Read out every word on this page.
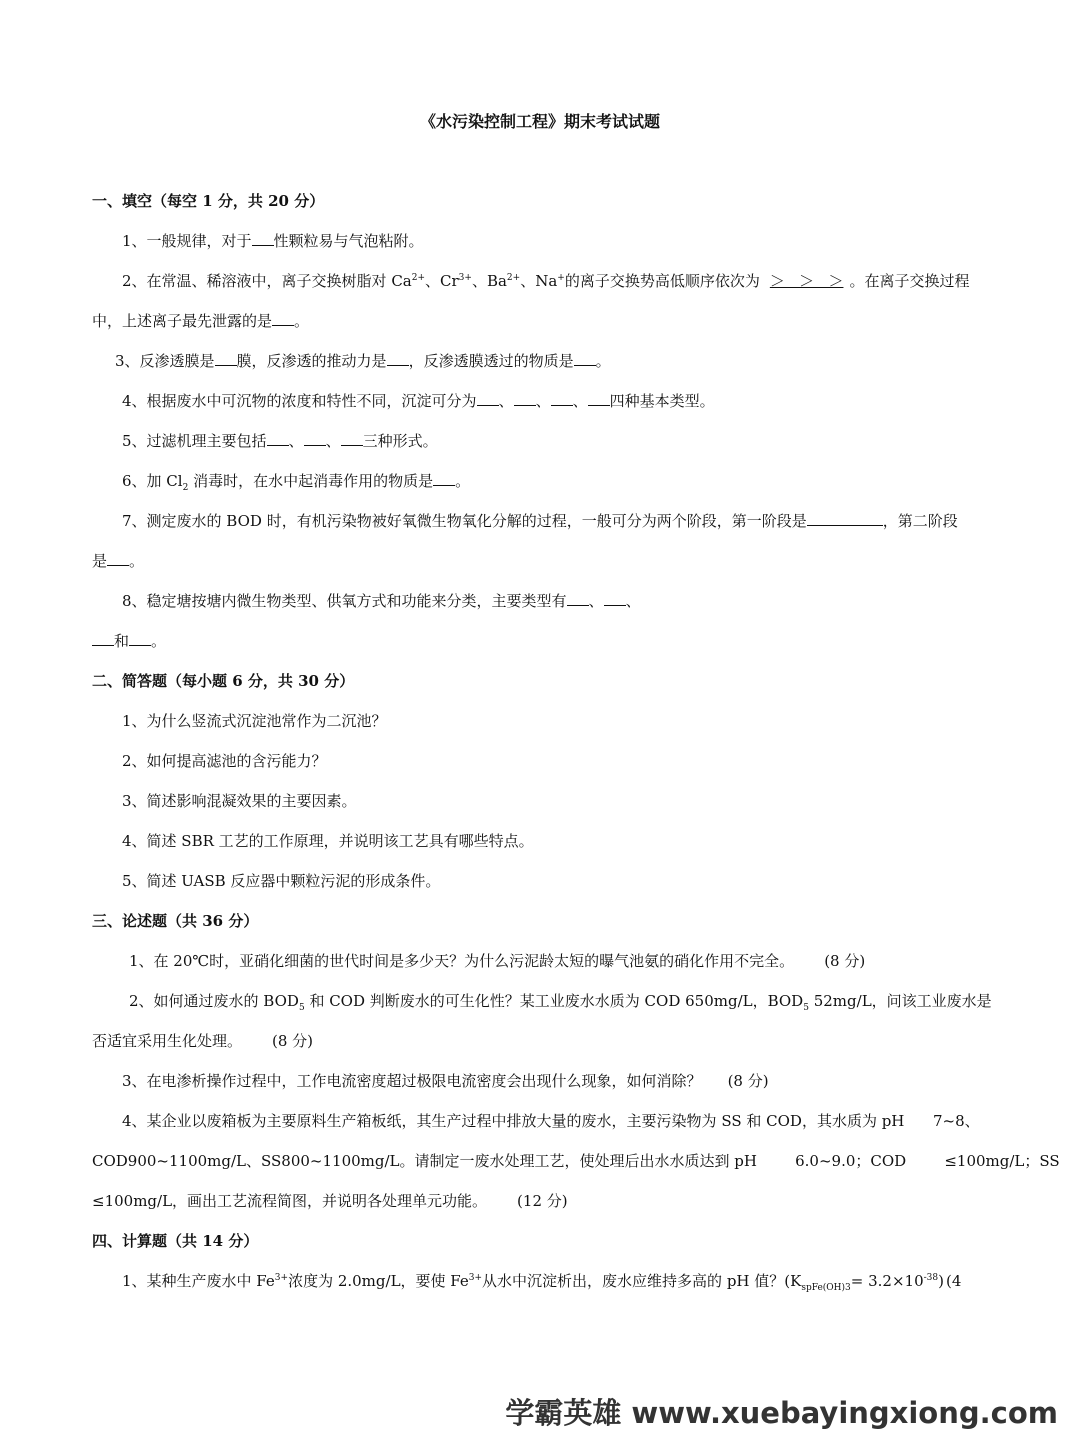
《水污染控制工程》期末考试试题
一、填空（每空 1 分，共 20 分）
1、一般规律，对于 性颗粒易与气泡粘附。
2、在常温、稀溶液中，离子交换树脂对 $Ca^{2+}$、$Cr^{3+}$、$Ba^{2+}$、Na+的离子交换势高低顺序依次为 ＞   ＞   ＞ 。在离子交换过程
中，上述离子最先泄露的是 。
3、反渗透膜是 膜，反渗透的推动力是 ，反渗透膜透过的物质是 。
4、根据废水中可沉物的浓度和特性不同，沉淀可分为 、 、 、 四种基本类型。
5、过滤机理主要包括 、 、 三种形式。
6、加 $Cl_2$ 消毒时，在水中起消毒作用的物质是 。
7、测定废水的 BOD 时，有机污染物被好氧微生物氧化分解的过程，一般可分为两个阶段，第一阶段是	，第二阶段
是 。
8、稳定塘按塘内微生物类型、供氧方式和功能来分类，主要类型有 、 、
和 。
二、简答题（每小题 6 分，共 30 分）
1、为什么竖流式沉淀池常作为二沉池？
2、如何提高滤池的含污能力？
3、简述影响混凝效果的主要因素。
4、简述 SBR 工艺的工作原理，并说明该工艺具有哪些特点。
5、简述 UASB 反应器中颗粒污泥的形成条件。
三、论述题（共 36 分）
1、在 20℃时，亚硝化细菌的世代时间是多少天？为什么污泥龄太短的曝气池氨的硝化作用不完全。 (8 分)
2、如何通过废水的 $BOD_5$ 和 COD 判断废水的可生化性？某工业废水水质为 COD 650mg/L，$BOD_5$ 52mg/L，问该工业废水是
否适宜采用生化处理。 (8 分)
3、在电渗析操作过程中，工作电流密度超过极限电流密度会出现什么现象，如何消除？ (8 分)
4、某企业以废箱板为主要原料生产箱板纸，其生产过程中排放大量的废水，主要污染物为 SS 和 COD，其水质为 pH      7~8、
COD900~1100mg/L、SS800~1100mg/L。请制定一废水处理工艺，使处理后出水水质达到 pH        6.0~9.0；COD        ≤100mg/L；SS
≤100mg/L，画出工艺流程简图，并说明各处理单元功能。 (12 分)
四、计算题（共 14 分）
1、某种生产废水中 $Fe^{3+}$浓度为 2.0mg/L，要使 $Fe^{3+}$从水中沉淀析出，废水应维持多高的 pH 值？$(K_{spFe(OH)3}= 3.2\times 10^{-38})$ (4
学霸英雄 www.xuebayingxiong.com
